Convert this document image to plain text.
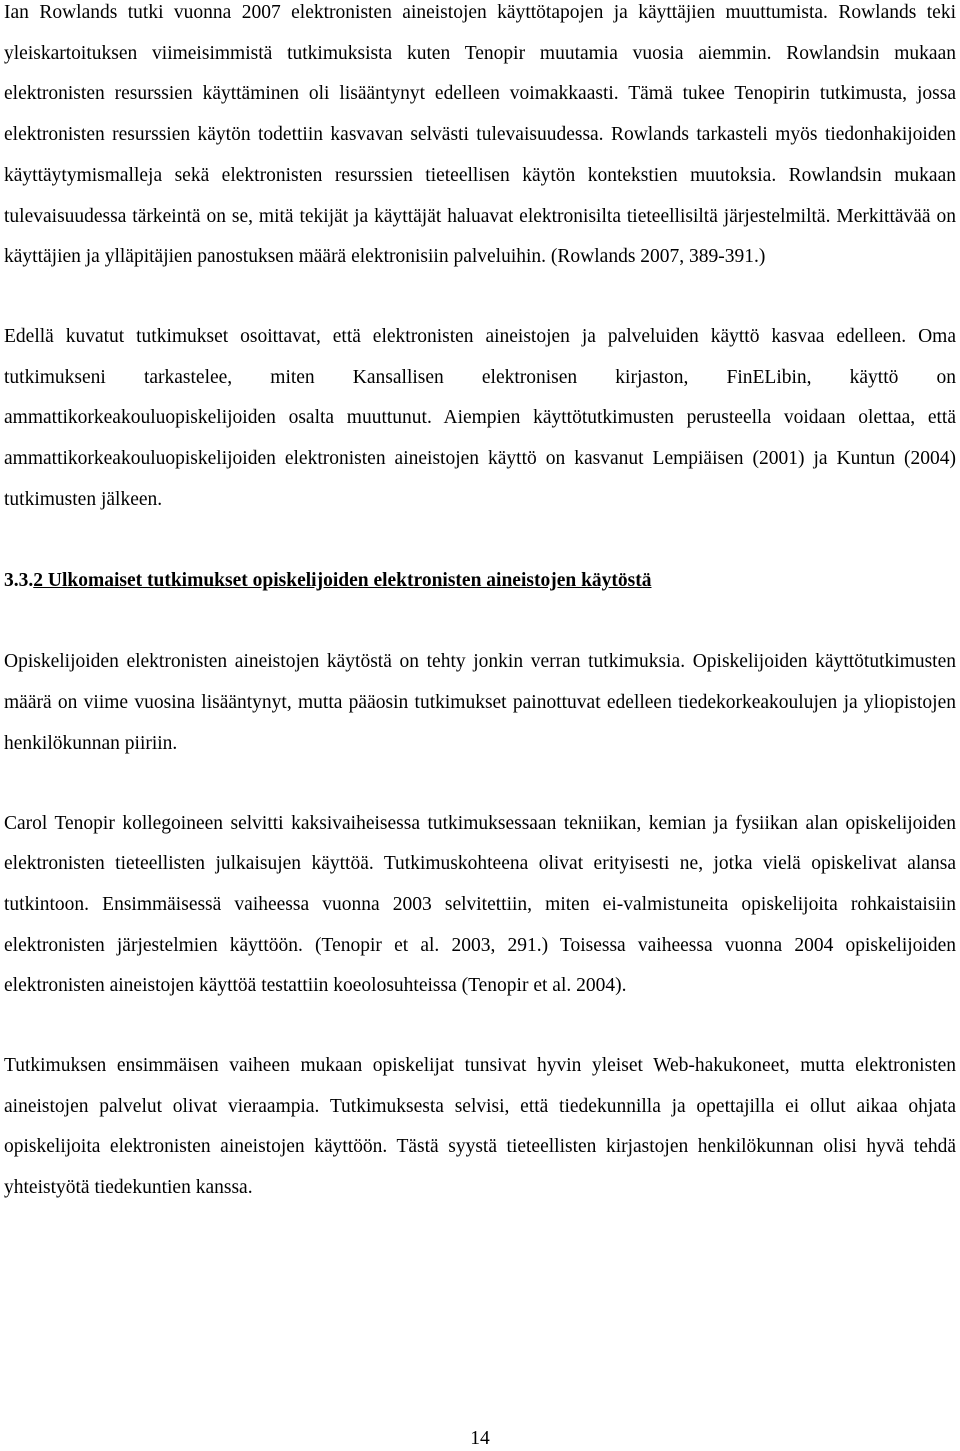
Ian Rowlands tutki vuonna 2007 elektronisten aineistojen käyttötapojen ja käyttäjien muuttumista. Rowlands teki yleiskartoituksen viimeisimmistä tutkimuksista kuten Tenopir muutamia vuosia aiemmin. Rowlandsin mukaan elektronisten resurssien käyttäminen oli lisääntynyt edelleen voimakkaasti. Tämä tukee Tenopirin tutkimusta, jossa elektronisten resurssien käytön todettiin kasvavan selvästi tulevaisuudessa. Rowlands tarkasteli myös tiedonhakijoiden käyttäytymismalleja sekä elektronisten resurssien tieteellisen käytön kontekstien muutoksia. Rowlandsin mukaan tulevaisuudessa tärkeintä on se, mitä tekijät ja käyttäjät haluavat elektronisilta tieteellisiltä järjestelmiltä. Merkittävää on käyttäjien ja ylläpitäjien panostuksen määrä elektronisiin palveluihin. (Rowlands 2007, 389-391.)

Edellä kuvatut tutkimukset osoittavat, että elektronisten aineistojen ja palveluiden käyttö kasvaa edelleen. Oma tutkimukseni tarkastelee, miten Kansallisen elektronisen kirjaston, FinELibin, käyttö on ammattikorkeakouluopiskelijoiden osalta muuttunut. Aiempien käyttötutkimusten perusteella voidaan olettaa, että ammattikorkeakouluopiskelijoiden elektronisten aineistojen käyttö on kasvanut Lempiäisen (2001) ja Kuntun (2004) tutkimusten jälkeen.

3.3.2 Ulkomaiset tutkimukset opiskelijoiden elektronisten aineistojen käytöstä

Opiskelijoiden elektronisten aineistojen käytöstä on tehty jonkin verran tutkimuksia. Opiskelijoiden käyttötutkimusten määrä on viime vuosina lisääntynyt, mutta pääosin tutkimukset painottuvat edelleen tiedekorkeakoulujen ja yliopistojen henkilökunnan piiriin.

Carol Tenopir kollegoineen selvitti kaksivaiheisessa tutkimuksessaan tekniikan, kemian ja fysiikan alan opiskelijoiden elektronisten tieteellisten julkaisujen käyttöä. Tutkimuskohteena olivat erityisesti ne, jotka vielä opiskelivat alansa tutkintoon. Ensimmäisessä vaiheessa vuonna 2003 selvitettiin, miten ei-valmistuneita opiskelijoita rohkaistaisiin elektronisten järjestelmien käyttöön. (Tenopir et al. 2003, 291.) Toisessa vaiheessa vuonna 2004 opiskelijoiden elektronisten aineistojen käyttöä testattiin koeolosuhteissa (Tenopir et al. 2004).

Tutkimuksen ensimmäisen vaiheen mukaan opiskelijat tunsivat hyvin yleiset Web-hakukoneet, mutta elektronisten aineistojen palvelut olivat vieraampia. Tutkimuksesta selvisi, että tiedekunnilla ja opettajilla ei ollut aikaa ohjata opiskelijoita elektronisten aineistojen käyttöön. Tästä syystä tieteellisten kirjastojen henkilökunnan olisi hyvä tehdä yhteistyötä tiedekuntien kanssa.

14
